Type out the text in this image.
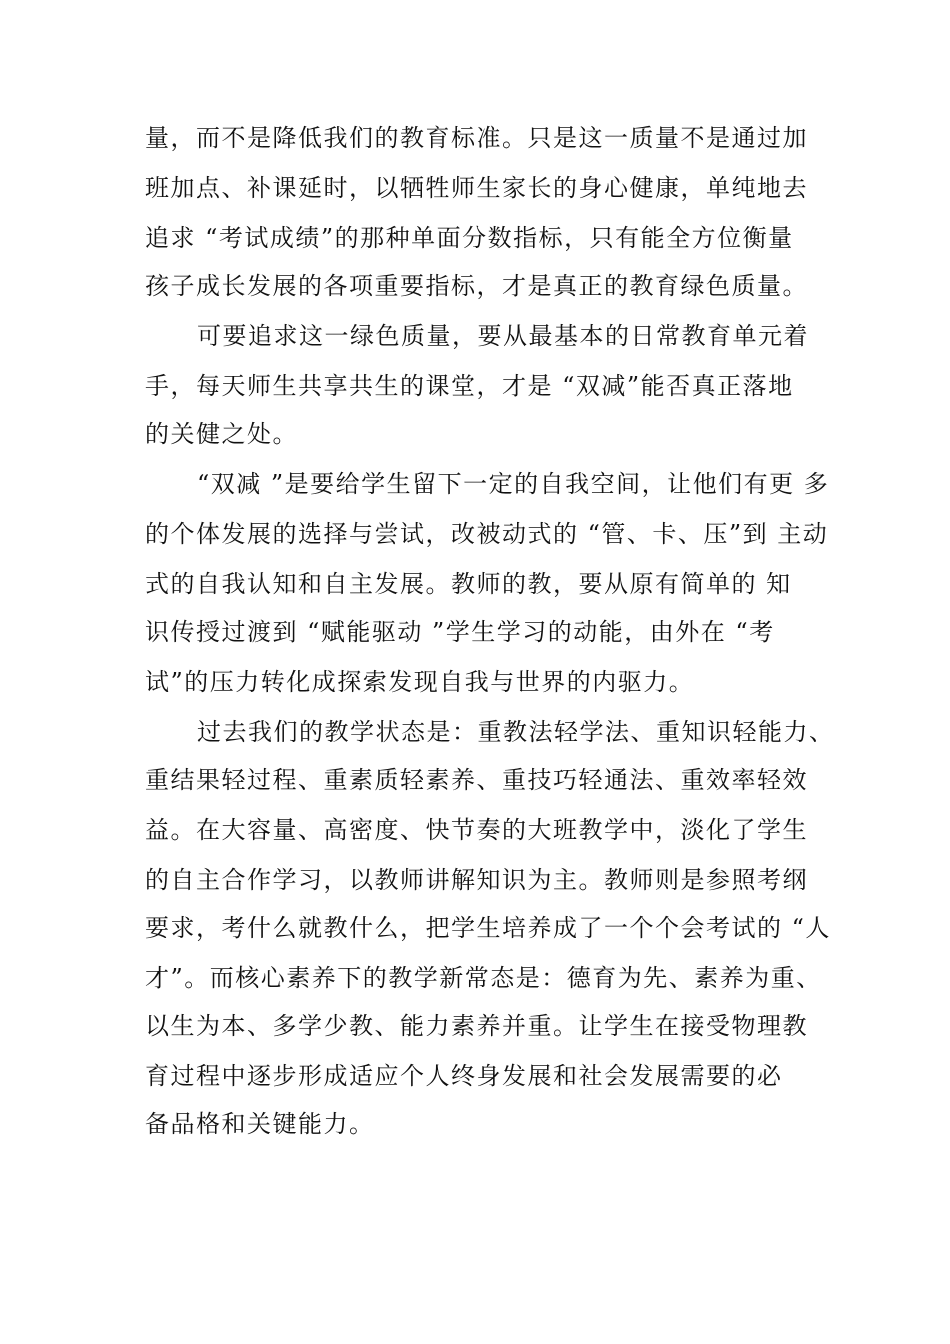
量，而不是降低我们的教育标准。只是这一质量不是通过加
班加点、补课延时，以牺牲师生家长的身心健康，单纯地去
追求 “考试成绩”的那种单面分数指标，只有能全方位衡量
孩子成长发展的各项重要指标，才是真正的教育绿色质量。
可要追求这一绿色质量，要从最基本的日常教育单元着
手，每天师生共享共生的课堂，才是 “双减”能否真正落地
的关健之处。
“双减 ”是要给学生留下一定的自我空间，让他们有更 多
的个体发展的选择与尝试，改被动式的 “管、卡、压”到 主动
式的自我认知和自主发展。教师的教，要从原有简单的 知
识传授过渡到 “赋能驱动 ”学生学习的动能，由外在 “考
试”的压力转化成探索发现自我与世界的内驱力。
过去我们的教学状态是：重教法轻学法、重知识轻能力、
重结果轻过程、重素质轻素养、重技巧轻通法、重效率轻效
益。在大容量、高密度、快节奏的大班教学中，淡化了学生
的自主合作学习，以教师讲解知识为主。教师则是参照考纲
要求，考什么就教什么，把学生培养成了一个个会考试的 “人
才”。而核心素养下的教学新常态是：德育为先、素养为重、
以生为本、多学少教、能力素养并重。让学生在接受物理教
育过程中逐步形成适应个人终身发展和社会发展需要的必
备品格和关键能力。
